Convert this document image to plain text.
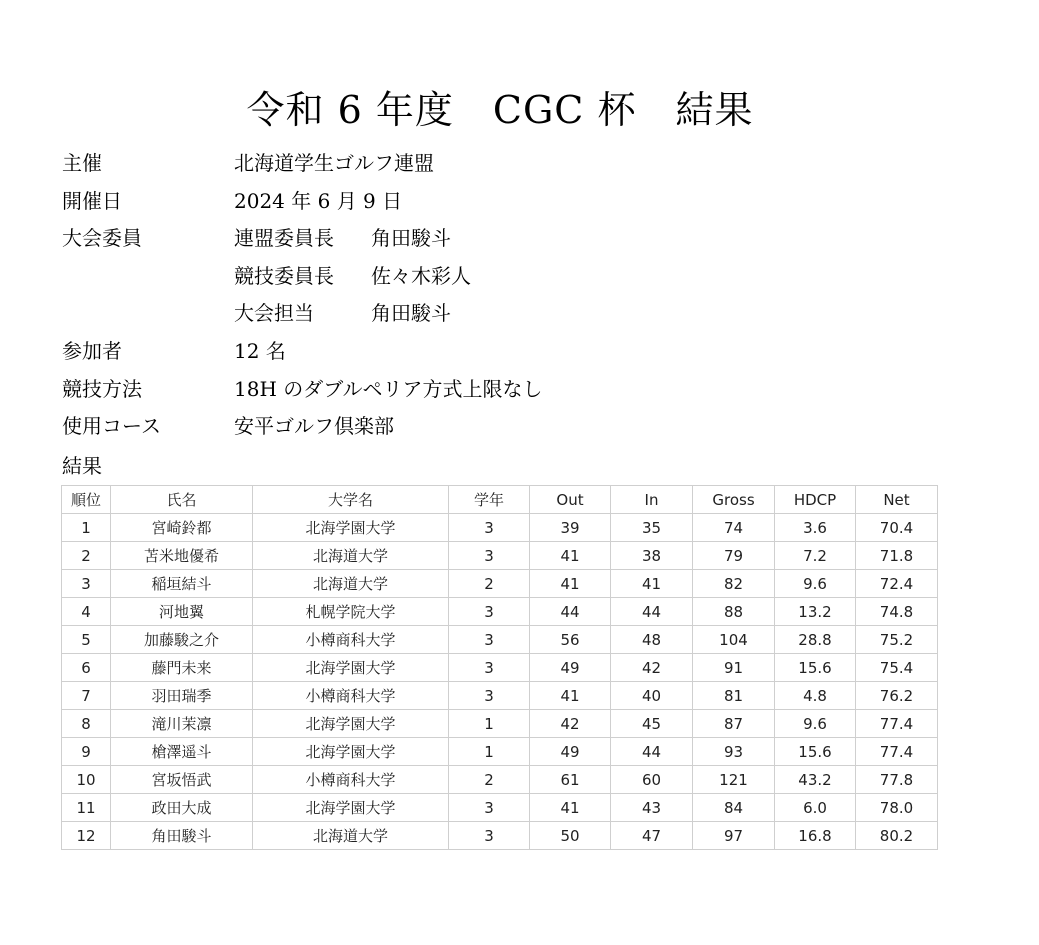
令和 6 年度　CGC 杯　結果
主催	北海道学生ゴルフ連盟
開催日	2024 年 6 月 9 日
大会委員	連盟委員長 角田駿斗
競技委員長 佐々木彩人
大会担当	角田駿斗
参加者	12 名
競技方法	18H のダブルペリア方式上限なし
使用コース	安平ゴルフ倶楽部
結果
順位	氏名	大学名	学年	Out	In	Gross	HDCP	Net
1	宮崎鈴都	北海学園大学	3	39	35	74	3.6	70.4
2	苫米地優希	北海道大学	3	41	38	79	7.2	71.8
3	稲垣結斗	北海道大学	2	41	41	82	9.6	72.4
4	河地翼	札幌学院大学	3	44	44	88	13.2	74.8
5	加藤駿之介	小樽商科大学	3	56	48	104	28.8	75.2
6	藤門未来	北海学園大学	3	49	42	91	15.6	75.4
7	羽田瑞季	小樽商科大学	3	41	40	81	4.8	76.2
8	滝川茉凛	北海学園大学	1	42	45	87	9.6	77.4
9	槍澤遥斗	北海学園大学	1	49	44	93	15.6	77.4
10	宮坂悟武	小樽商科大学	2	61	60	121	43.2	77.8
11	政田大成	北海学園大学	3	41	43	84	6.0	78.0
12	角田駿斗	北海道大学	3	50	47	97	16.8	80.2
